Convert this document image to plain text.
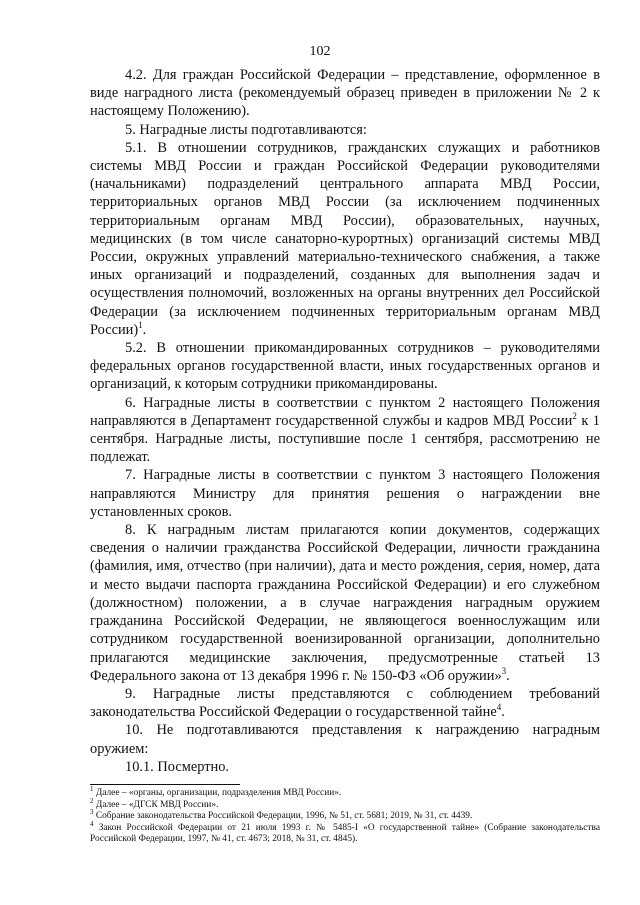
102

4.2. Для граждан Российской Федерации – представление, оформленное в виде наградного листа (рекомендуемый образец приведен в приложении № 2 к настоящему Положению).

5. Наградные листы подготавливаются:

5.1. В отношении сотрудников, гражданских служащих и работников системы МВД России и граждан Российской Федерации руководителями (начальниками) подразделений центрального аппарата МВД России, территориальных органов МВД России (за исключением подчиненных территориальным органам МВД России), образовательных, научных, медицинских (в том числе санаторно-курортных) организаций системы МВД России, окружных управлений материально-технического снабжения, а также иных организаций и подразделений, созданных для выполнения задач и осуществления полномочий, возложенных на органы внутренних дел Российской Федерации (за исключением подчиненных территориальным органам МВД России)$^1$.

5.2. В отношении прикомандированных сотрудников – руководителями федеральных органов государственной власти, иных государственных органов и организаций, к которым сотрудники прикомандированы.

6. Наградные листы в соответствии с пунктом 2 настоящего Положения направляются в Департамент государственной службы и кадров МВД России$^2$ к 1 сентября. Наградные листы, поступившие после 1 сентября, рассмотрению не подлежат.

7. Наградные листы в соответствии с пунктом 3 настоящего Положения направляются Министру для принятия решения о награждении вне установленных сроков.

8. К наградным листам прилагаются копии документов, содержащих сведения о наличии гражданства Российской Федерации, личности гражданина (фамилия, имя, отчество (при наличии), дата и место рождения, серия, номер, дата и место выдачи паспорта гражданина Российской Федерации) и его служебном (должностном) положении, а в случае награждения наградным оружием гражданина Российской Федерации, не являющегося военнослужащим или сотрудником государственной военизированной организации, дополнительно прилагаются медицинские заключения, предусмотренные статьей 13 Федерального закона от 13 декабря 1996 г. № 150-ФЗ «Об оружии»$^3$.

9. Наградные листы представляются с соблюдением требований законодательства Российской Федерации о государственной тайне$^4$.

10. Не подготавливаются представления к награждению наградным оружием:

10.1. Посмертно.

$^1$ Далее – «органы, организации, подразделения МВД России».

$^2$ Далее – «ДГСК МВД России».

$^3$ Собрание законодательства Российской Федерации, 1996, № 51, ст. 5681; 2019, № 31, ст. 4439.

$^4$ Закон Российской Федерации от 21 июля 1993 г. № 5485-I «О государственной тайне» (Собрание законодательства Российской Федерации, 1997, № 41, ст. 4673; 2018, № 31, ст. 4845).
